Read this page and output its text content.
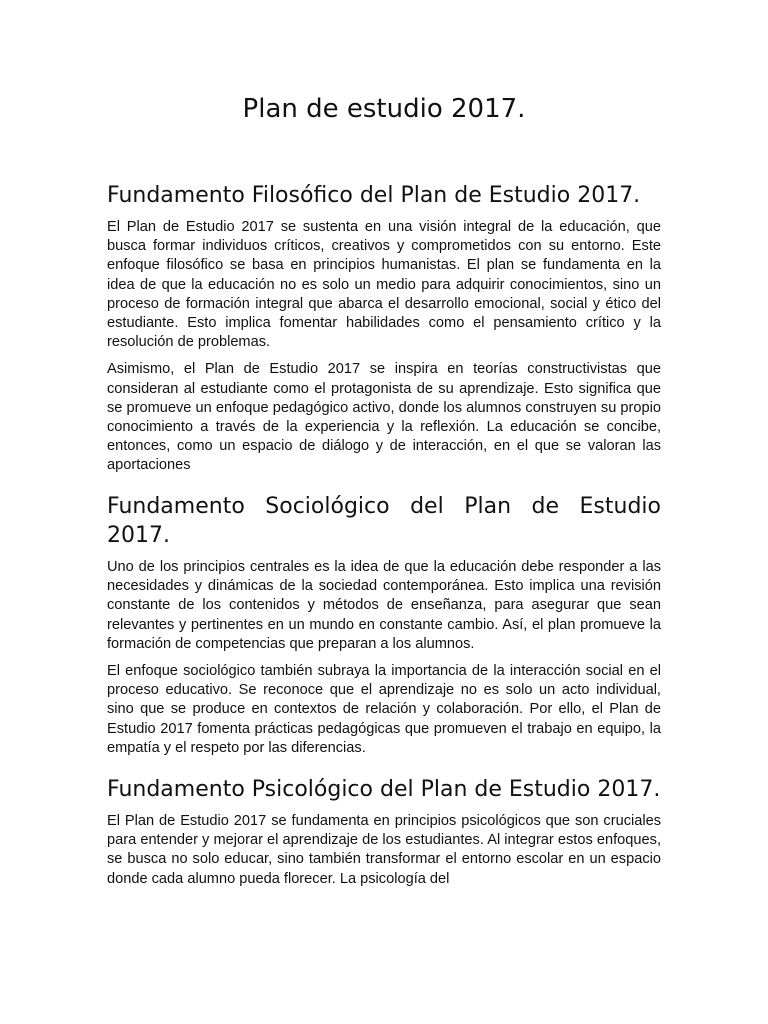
Plan de estudio 2017.
Fundamento Filosófico del Plan de Estudio 2017.

El Plan de Estudio 2017 se sustenta en una visión integral de la educación, que busca formar individuos críticos, creativos y comprometidos con su entorno. Este enfoque filosófico se basa en principios humanistas. El plan se fundamenta en la idea de que la educación no es solo un medio para adquirir conocimientos, sino un proceso de formación integral que abarca el desarrollo emocional, social y ético del estudiante. Esto implica fomentar habilidades como el pensamiento crítico y la resolución de problemas.

Asimismo, el Plan de Estudio 2017 se inspira en teorías constructivistas que consideran al estudiante como el protagonista de su aprendizaje. Esto significa que se promueve un enfoque pedagógico activo, donde los alumnos construyen su propio conocimiento a través de la experiencia y la reflexión. La educación se concibe, entonces, como un espacio de diálogo y de interacción, en el que se valoran las aportaciones

Fundamento Sociológico del Plan de Estudio 2017.

Uno de los principios centrales es la idea de que la educación debe responder a las necesidades y dinámicas de la sociedad contemporánea. Esto implica una revisión constante de los contenidos y métodos de enseñanza, para asegurar que sean relevantes y pertinentes en un mundo en constante cambio. Así, el plan promueve la formación de competencias que preparan a los alumnos.

El enfoque sociológico también subraya la importancia de la interacción social en el proceso educativo. Se reconoce que el aprendizaje no es solo un acto individual, sino que se produce en contextos de relación y colaboración. Por ello, el Plan de Estudio 2017 fomenta prácticas pedagógicas que promueven el trabajo en equipo, la empatía y el respeto por las diferencias.

Fundamento Psicológico del Plan de Estudio 2017.

El Plan de Estudio 2017 se fundamenta en principios psicológicos que son cruciales para entender y mejorar el aprendizaje de los estudiantes. Al integrar estos enfoques, se busca no solo educar, sino también transformar el entorno escolar en un espacio donde cada alumno pueda florecer. La psicología del
